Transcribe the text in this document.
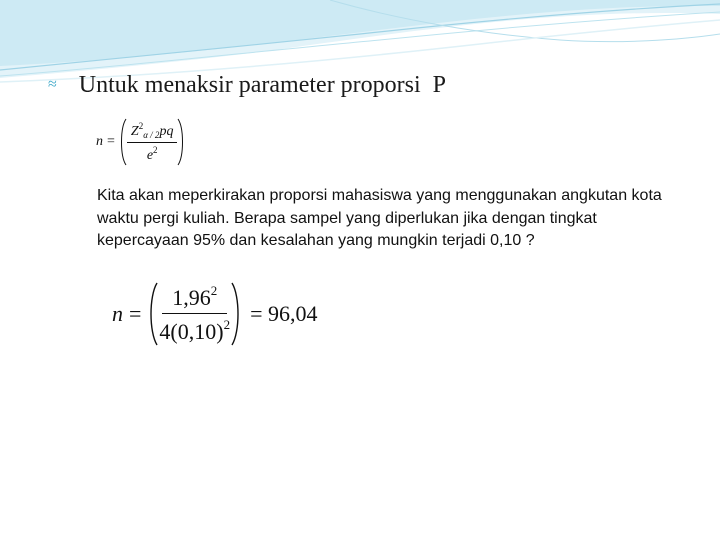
≈ Untuk menaksir parameter proporsi  P
$n = \frac{Z^2_{\alpha / 2}pq}{e^2}$
Kita akan meperkirakan proporsi mahasiswa yang menggunakan angkutan kota waktu pergi kuliah. Berapa sampel yang diperlukan jika dengan tingkat kepercayaan 95% dan kesalahan yang mungkin terjadi 0,10 ?
$n = \frac{1,96^2}{4(0,10)^2} = 96,04$
